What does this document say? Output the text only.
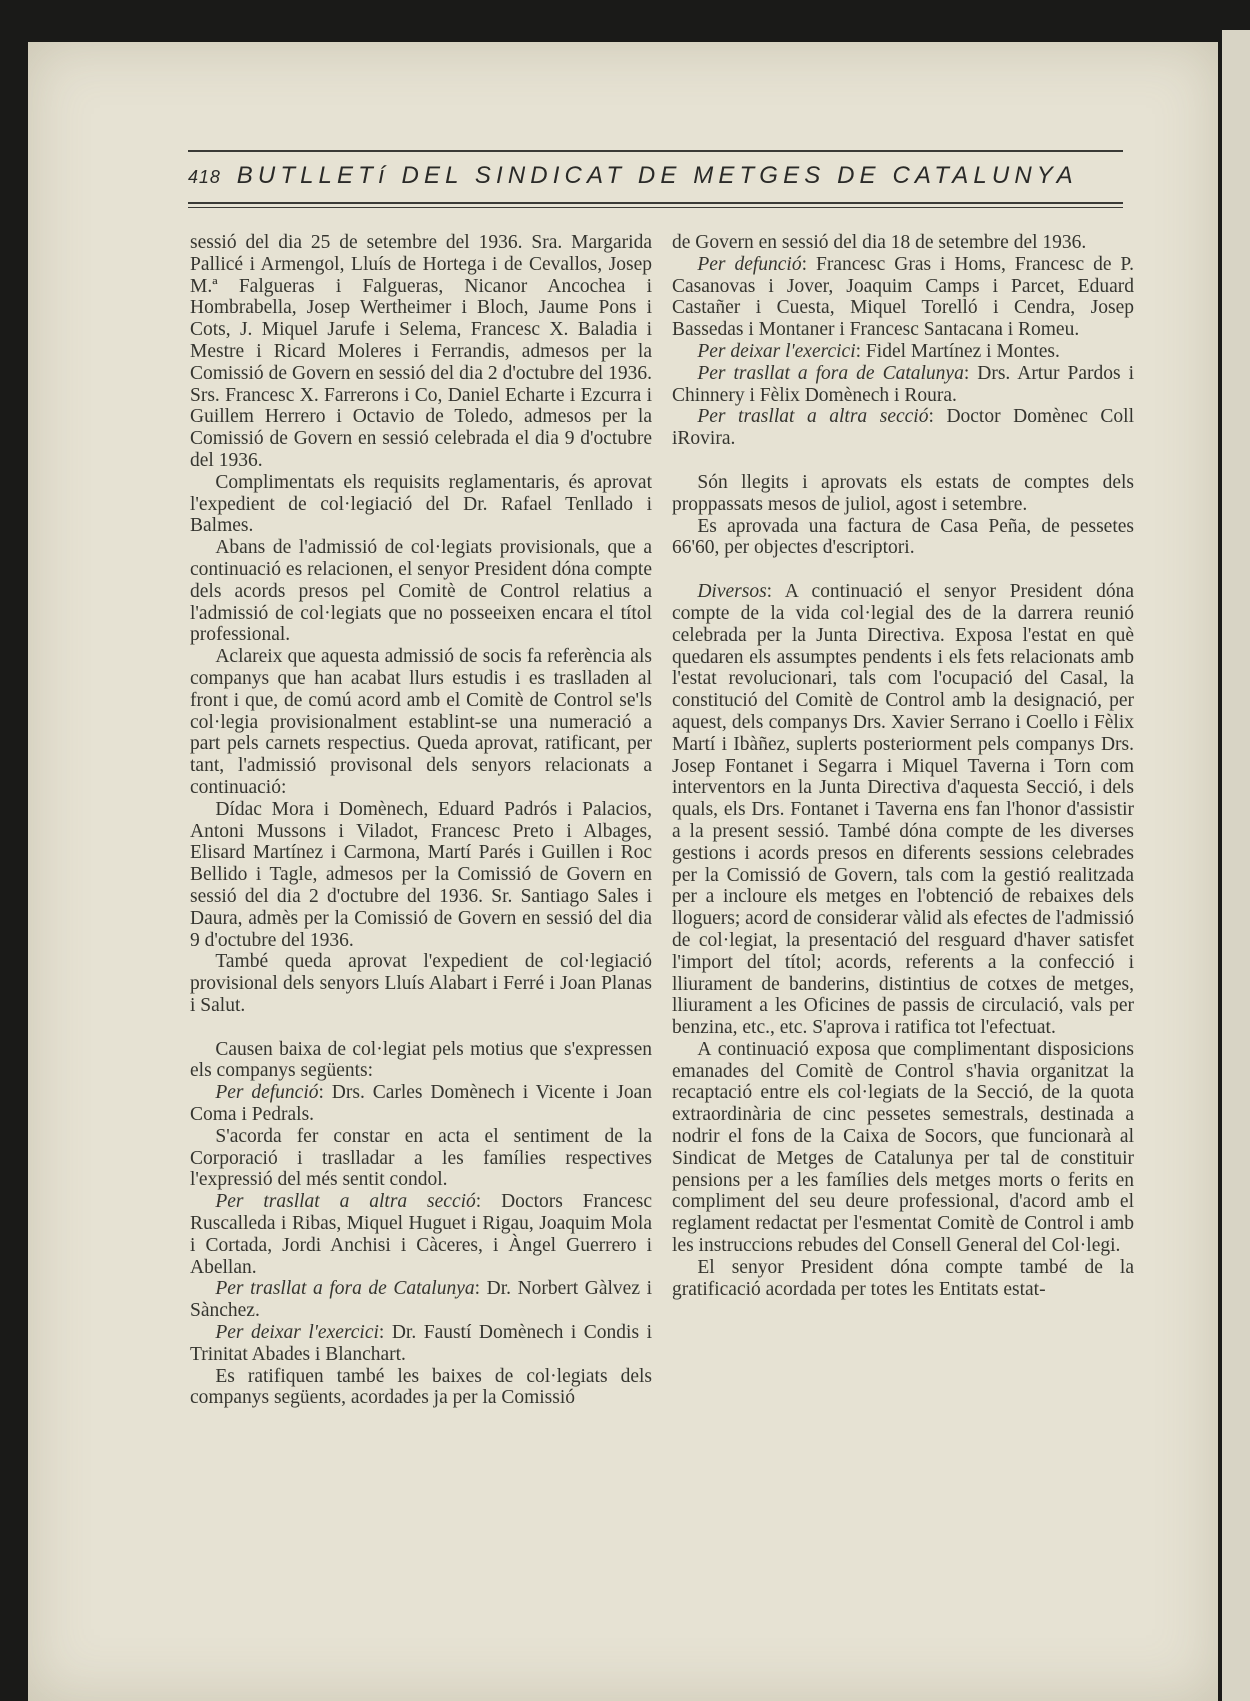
418 BUTLLETí DEL SINDICAT DE METGES DE CATALUNYA

sessió del dia 25 de setembre del 1936. Sra. Margarida Pallicé i Armengol, Lluís de Hortega i de Cevallos, Josep M.ª Falgueras i Falgueras, Nicanor Ancochea i Hombrabella, Josep Wertheimer i Bloch, Jaume Pons i Cots, J. Miquel Jarufe i Selema, Francesc X. Baladia i Mestre i Ricard Moleres i Ferrandis, admesos per la Comissió de Govern en sessió del dia 2 d'octubre del 1936. Srs. Francesc X. Farrerons i Co, Daniel Echarte i Ezcurra i Guillem Herrero i Octavio de Toledo, admesos per la Comissió de Govern en sessió celebrada el dia 9 d'octubre del 1936.

Complimentats els requisits reglamentaris, és aprovat l'expedient de col·legiació del Dr. Rafael Tenllado i Balmes.

Abans de l'admissió de col·legiats provisionals, que a continuació es relacionen, el senyor President dóna compte dels acords presos pel Comitè de Control relatius a l'admissió de col·legiats que no posseeixen encara el títol professional.

Aclareix que aquesta admissió de socis fa referència als companys que han acabat llurs estudis i es traslladen al front i que, de comú acord amb el Comitè de Control se'ls col·legia provisionalment establint-se una numeració a part pels carnets respectius. Queda aprovat, ratificant, per tant, l'admissió provisonal dels senyors relacionats a continuació:

Dídac Mora i Domènech, Eduard Padrós i Palacios, Antoni Mussons i Viladot, Francesc Preto i Albages, Elisard Martínez i Carmona, Martí Parés i Guillen i Roc Bellido i Tagle, admesos per la Comissió de Govern en sessió del dia 2 d'octubre del 1936. Sr. Santiago Sales i Daura, admès per la Comissió de Govern en sessió del dia 9 d'octubre del 1936.

També queda aprovat l'expedient de col·legiació provisional dels senyors Lluís Alabart i Ferré i Joan Planas i Salut.

Causen baixa de col·legiat pels motius que s'expressen els companys següents:

Per defunció: Drs. Carles Domènech i Vicente i Joan Coma i Pedrals.

S'acorda fer constar en acta el sentiment de la Corporació i traslladar a les famílies respectives l'expressió del més sentit condol.

Per trasllat a altra secció: Doctors Francesc Ruscalleda i Ribas, Miquel Huguet i Rigau, Joaquim Mola i Cortada, Jordi Anchisi i Càceres, i Àngel Guerrero i Abellan.

Per trasllat a fora de Catalunya: Dr. Norbert Gàlvez i Sànchez.

Per deixar l'exercici: Dr. Faustí Domènech i Condis i Trinitat Abades i Blanchart.

Es ratifiquen també les baixes de col·legiats dels companys següents, acordades ja per la Comissió

de Govern en sessió del dia 18 de setembre del 1936.

Per defunció: Francesc Gras i Homs, Francesc de P. Casanovas i Jover, Joaquim Camps i Parcet, Eduard Castañer i Cuesta, Miquel Torelló i Cendra, Josep Bassedas i Montaner i Francesc Santacana i Romeu.

Per deixar l'exercici: Fidel Martínez i Montes.

Per trasllat a fora de Catalunya: Drs. Artur Pardos i Chinnery i Fèlix Domènech i Roura.

Per trasllat a altra secció: Doctor Domènec Coll iRovira.

Són llegits i aprovats els estats de comptes dels proppassats mesos de juliol, agost i setembre.

Es aprovada una factura de Casa Peña, de pessetes 66'60, per objectes d'escriptori.

Diversos: A continuació el senyor President dóna compte de la vida col·legial des de la darrera reunió celebrada per la Junta Directiva. Exposa l'estat en què quedaren els assumptes pendents i els fets relacionats amb l'estat revolucionari, tals com l'ocupació del Casal, la constitució del Comitè de Control amb la designació, per aquest, dels companys Drs. Xavier Serrano i Coello i Fèlix Martí i Ibàñez, suplerts posteriorment pels companys Drs. Josep Fontanet i Segarra i Miquel Taverna i Torn com interventors en la Junta Directiva d'aquesta Secció, i dels quals, els Drs. Fontanet i Taverna ens fan l'honor d'assistir a la present sessió. També dóna compte de les diverses gestions i acords presos en diferents sessions celebrades per la Comissió de Govern, tals com la gestió realitzada per a incloure els metges en l'obtenció de rebaixes dels lloguers; acord de considerar vàlid als efectes de l'admissió de col·legiat, la presentació del resguard d'haver satisfet l'import del títol; acords, referents a la confecció i lliurament de banderins, distintius de cotxes de metges, lliurament a les Oficines de passis de circulació, vals per benzina, etc., etc. S'aprova i ratifica tot l'efectuat.

A continuació exposa que complimentant disposicions emanades del Comitè de Control s'havia organitzat la recaptació entre els col·legiats de la Secció, de la quota extraordinària de cinc pessetes semestrals, destinada a nodrir el fons de la Caixa de Socors, que funcionarà al Sindicat de Metges de Catalunya per tal de constituir pensions per a les famílies dels metges morts o ferits en compliment del seu deure professional, d'acord amb el reglament redactat per l'esmentat Comitè de Control i amb les instruccions rebudes del Consell General del Col·legi.

El senyor President dóna compte també de la gratificació acordada per totes les Entitats estat-
